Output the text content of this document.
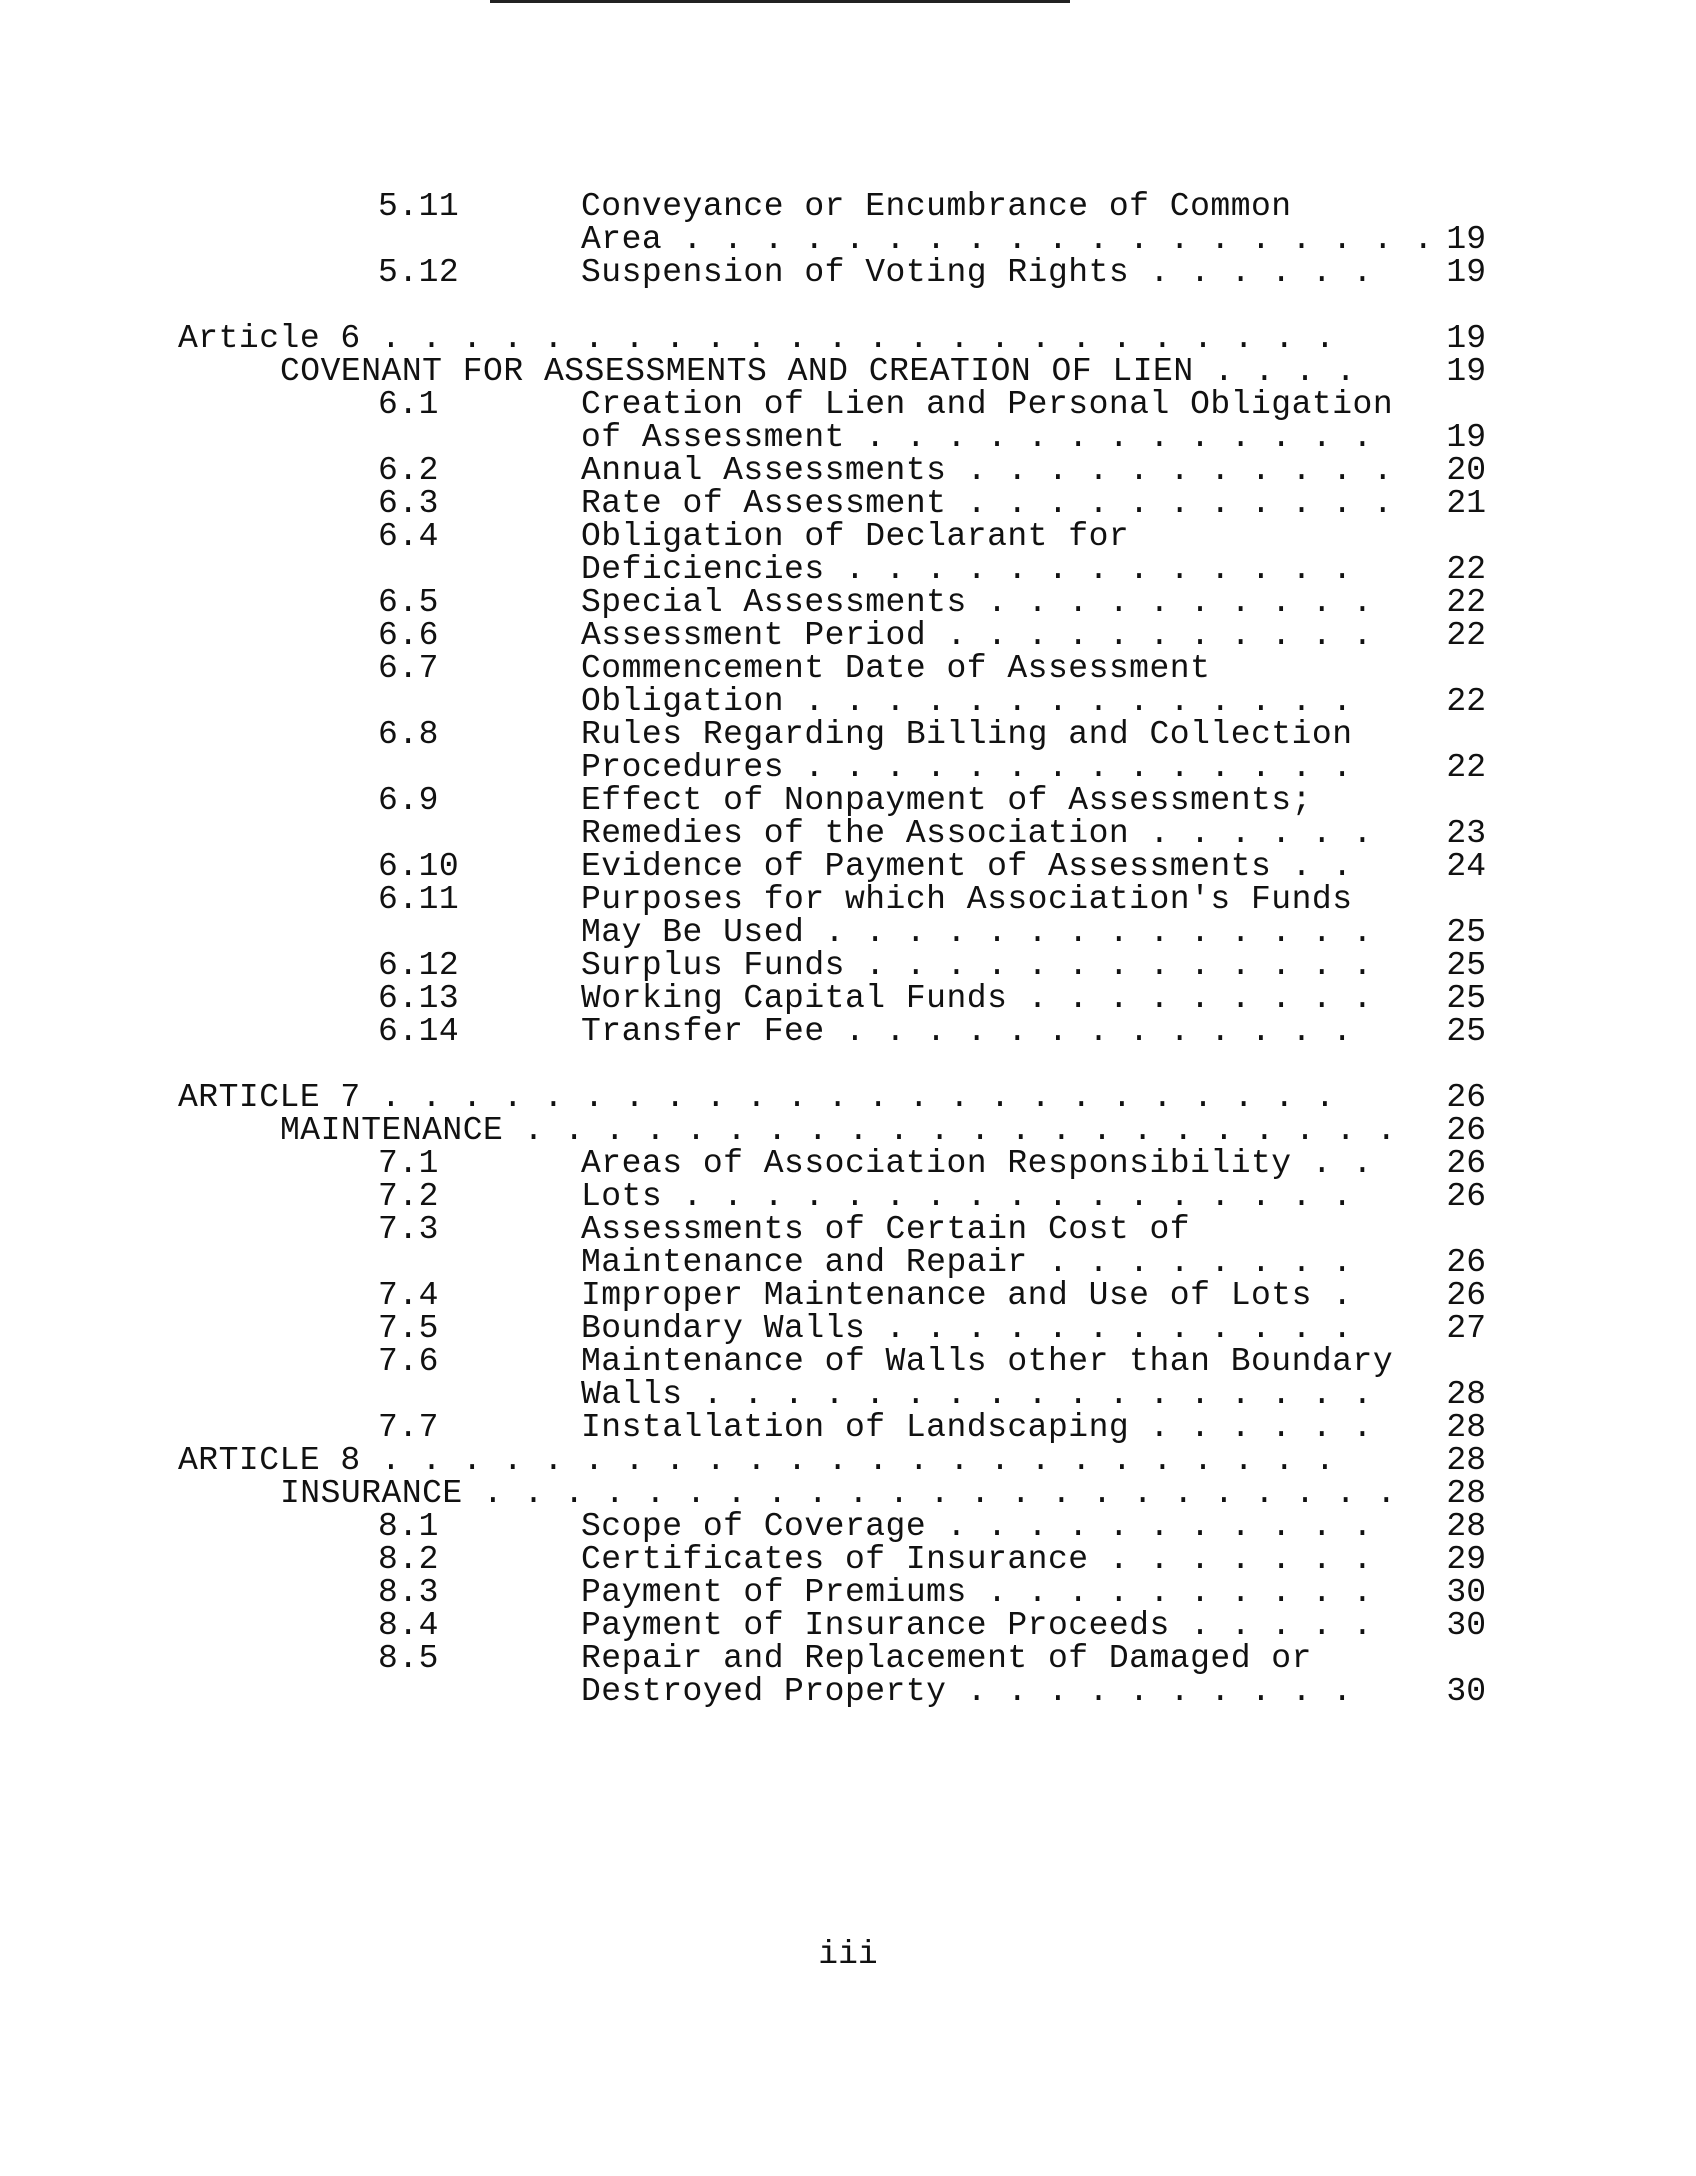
5.11	Conveyance or Encumbrance of Common
Area . . . . . . . . . . . . . . . . . . . 19
5.12	Suspension of Voting Rights . . . . . .	19
Article 6 . . . . . . . . . . . . . . . . . . . . . . . .	19
COVENANT FOR ASSESSMENTS AND CREATION OF LIEN . . . .	19
6.1	Creation of Lien and Personal Obligation
of Assessment . . . . . . . . . . . . .	19
6.2	Annual Assessments . . . . . . . . . . .	20
6.3	Rate of Assessment . . . . . . . . . . .	21
6.4	Obligation of Declarant for
Deficiencies . . . . . . . . . . . . .	22
6.5	Special Assessments . . . . . . . . . .	22
6.6	Assessment Period . . . . . . . . . . .	22
6.7	Commencement Date of Assessment
Obligation . . . . . . . . . . . . . .	22
6.8	Rules Regarding Billing and Collection
Procedures . . . . . . . . . . . . . .	22
6.9	Effect of Nonpayment of Assessments;
Remedies of the Association . . . . . .	23
6.10	Evidence of Payment of Assessments . .	24
6.11	Purposes for which Association's Funds
May Be Used . . . . . . . . . . . . . .	25
6.12	Surplus Funds . . . . . . . . . . . . .	25
6.13	Working Capital Funds . . . . . . . . .	25
6.14	Transfer Fee . . . . . . . . . . . . .	25
ARTICLE 7 . . . . . . . . . . . . . . . . . . . . . . . .	26
MAINTENANCE . . . . . . . . . . . . . . . . . . . . . .	26
7.1	Areas of Association Responsibility . .	26
7.2	Lots . . . . . . . . . . . . . . . . .	26
7.3	Assessments of Certain Cost of
Maintenance and Repair . . . . . . . .	26
7.4	Improper Maintenance and Use of Lots .	26
7.5	Boundary Walls . . . . . . . . . . . .	27
7.6	Maintenance of Walls other than Boundary
Walls . . . . . . . . . . . . . . . . .	28
7.7	Installation of Landscaping . . . . . .	28
ARTICLE 8 . . . . . . . . . . . . . . . . . . . . . . . .	28
INSURANCE . . . . . . . . . . . . . . . . . . . . . . .	28
8.1	Scope of Coverage . . . . . . . . . . .	28
8.2	Certificates of Insurance . . . . . . .	29
8.3	Payment of Premiums . . . . . . . . . .	30
8.4	Payment of Insurance Proceeds . . . . .	30
8.5	Repair and Replacement of Damaged or
Destroyed Property . . . . . . . . . .	30
iii
